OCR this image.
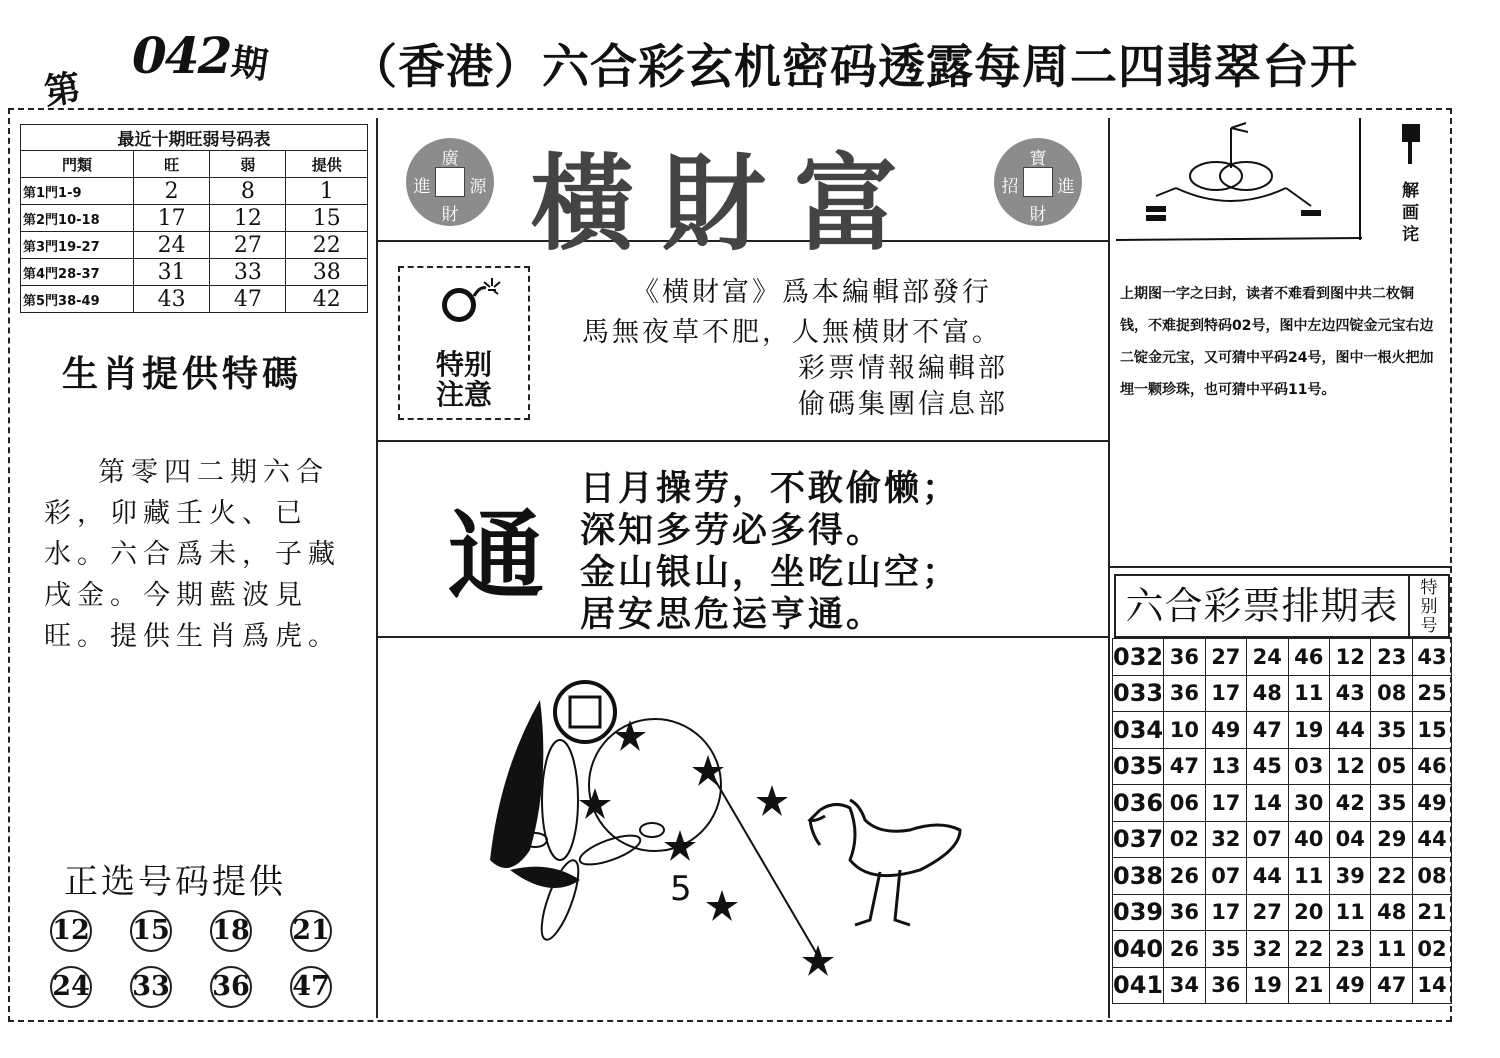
第
042
期 （香港）六合彩玄机密码透露每周二四翡翠台开
最近十期旺弱号码表			
門類	旺	弱	提供
第1門1-9	2	8	1
第2門10-18	17	12	15
第3門19-27	24	27	22
第4門28-37	31	33	38
第5門38-49	43	47	42
生肖提供特碼
第零四二期六合彩，卯藏壬火、已水。六合爲未，子藏戌金。今期藍波見旺。提供生肖爲虎。
正选号码提供
12 15 18 21
24 33 36 47
廣
進 源
財 橫財富	寶
招 進
財
特别
注意
《横財富》爲本編輯部發行
馬無夜草不肥，人無横財不富。
彩票情報編輯部
偷碼集團信息部
通
日月操劳，不敢偷懒；
深知多劳必多得。
金山银山，坐吃山空；
居安思危运亨通。
5
解
画
诧
上期图一字之曰封，读者不难看到图中共二枚铜钱，不难捉到特码02号，图中左边四锭金元宝右边二锭金元宝，又可猜中平码24号，图中一根火把加埋一颗珍珠，也可猜中平码11号。
六合彩票排期表	特
别
号
032	36	27	24	46	12	23	43
033	36	17	48	11	43	08	25
034	10	49	47	19	44	35	15
035	47	13	45	03	12	05	46
036	06	17	14	30	42	35	49
037	02	32	07	40	04	29	44
038	26	07	44	11	39	22	08
039	36	17	27	20	11	48	21
040	26	35	32	22	23	11	02
041	34	36	19	21	49	47	14
